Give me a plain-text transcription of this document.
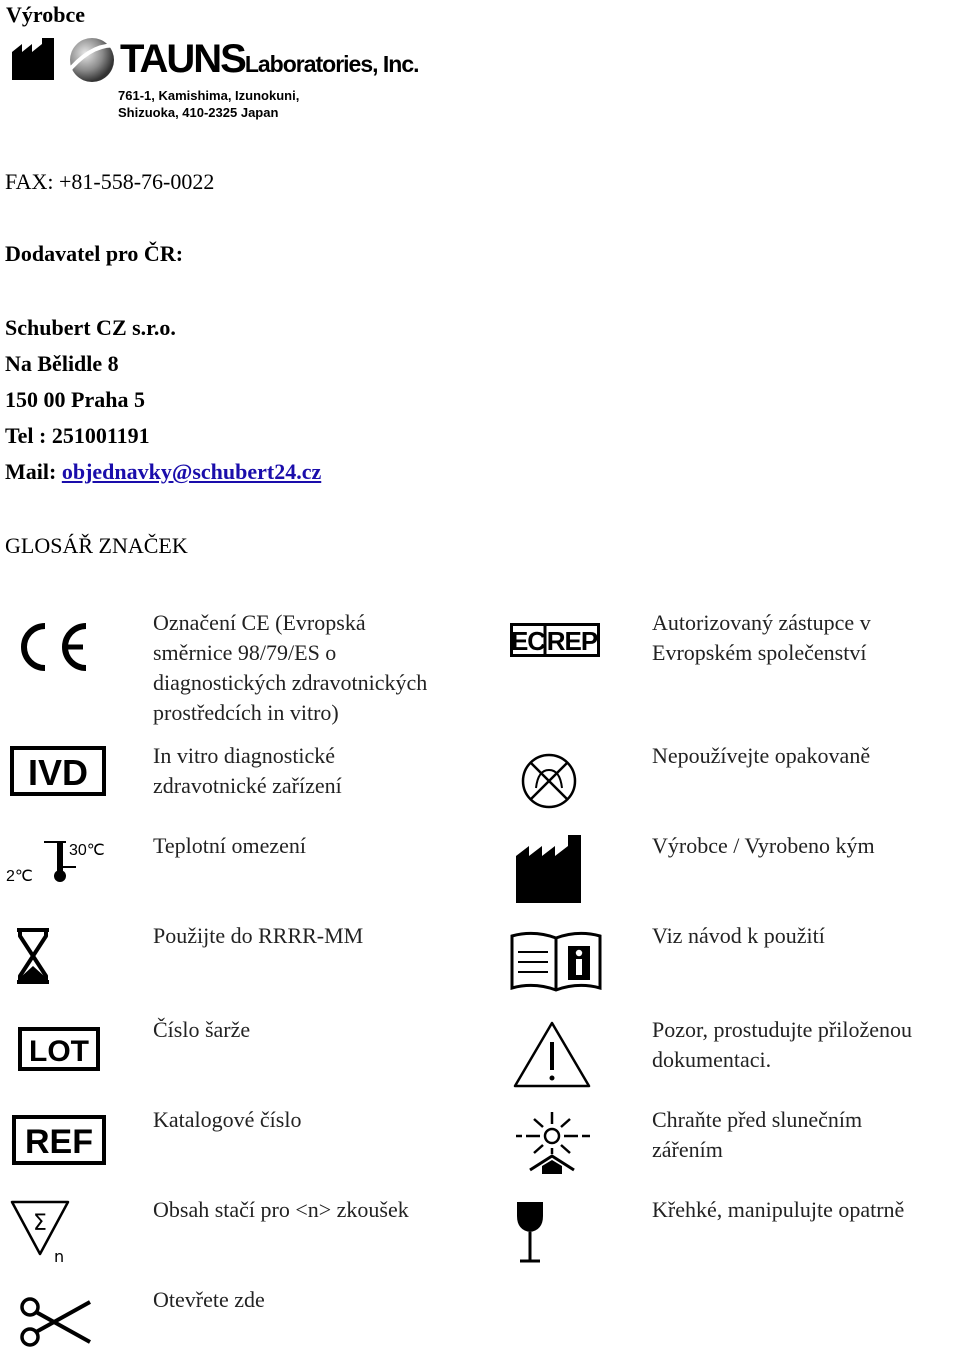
Výrobce
TAUNSLaboratories, Inc.
761-1, Kamishima, Izunokuni,
Shizuoka, 410-2325 Japan
FAX: +81-558-76-0022
Dodavatel pro ČR:
Schubert CZ s.r.o.
Na Bělidle 8
150 00 Praha 5
Tel : 251001191
Mail: objednavky@schubert24.cz
GLOSÁŘ ZNAČEK
IVD
30℃
2℃
LOT
REF
Σ
n
EC REP
Označení CE (Evropská
směrnice 98/79/ES o
diagnostických zdravotnických
prostředcích in vitro)
In vitro diagnostické
zdravotnické zařízení
Teplotní omezení
Použijte do RRRR-MM
Číslo šarže
Katalogové číslo
Obsah stačí pro <n> zkoušek
Otevřete zde
Autorizovaný zástupce v
Evropském společenství
Nepoužívejte opakovaně
Výrobce / Vyrobeno kým
Viz návod k použití
Pozor, prostudujte přiloženou
dokumentaci.
Chraňte před slunečním
zářením
Křehké, manipulujte opatrně
